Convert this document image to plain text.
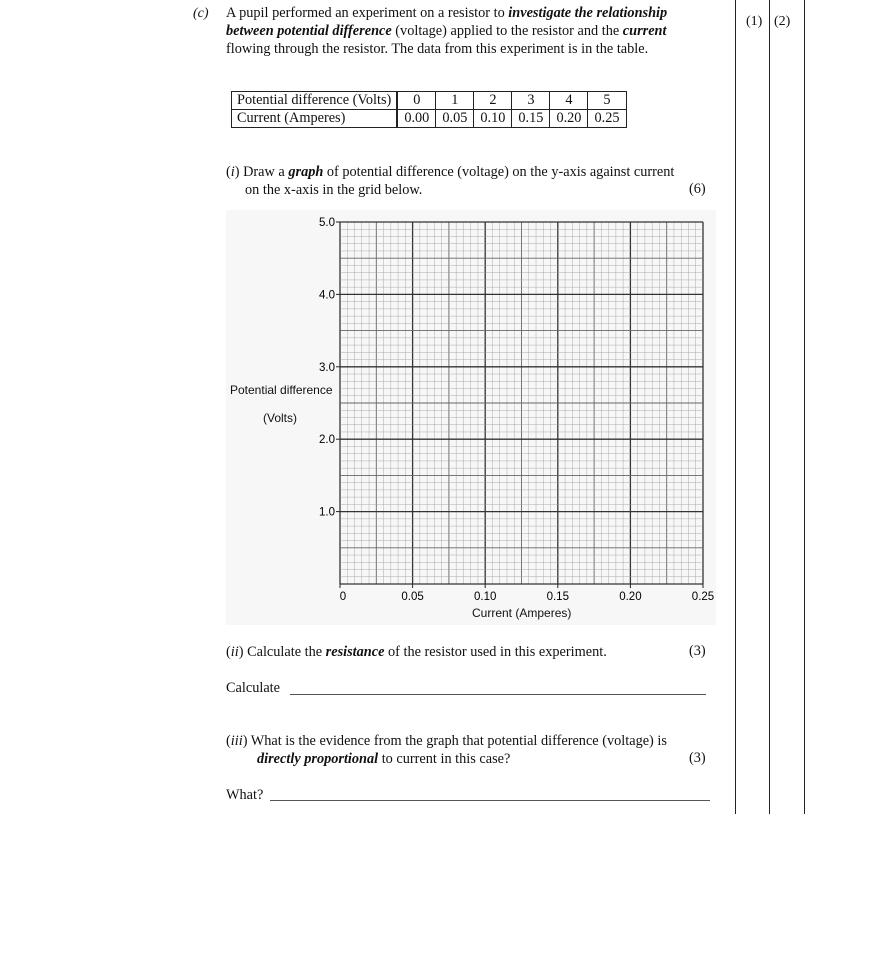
(c) A pupil performed an experiment on a resistor to investigate the relationship between potential difference (voltage) applied to the resistor and the current flowing through the resistor. The data from this experiment is in the table.
(1) (2)
Potential difference (Volts)	0	1	2	3	4	5
Current (Amperes)	0.00	0.05	0.10	0.15	0.20	0.25
(i) Draw a graph of potential difference (voltage) on the y-axis against current
on the x-axis in the grid below.	(6)
1.0
2.0
3.0
4.0
5.0
0	0.05	0.10	0.15	0.20	0.25
Potential difference
(Volts)
Current (Amperes)
(ii) Calculate the resistance of the resistor used in this experiment.	(3)
Calculate
(iii) What is the evidence from the graph that potential difference (voltage) is
directly proportional to current in this case?	(3)
What?
